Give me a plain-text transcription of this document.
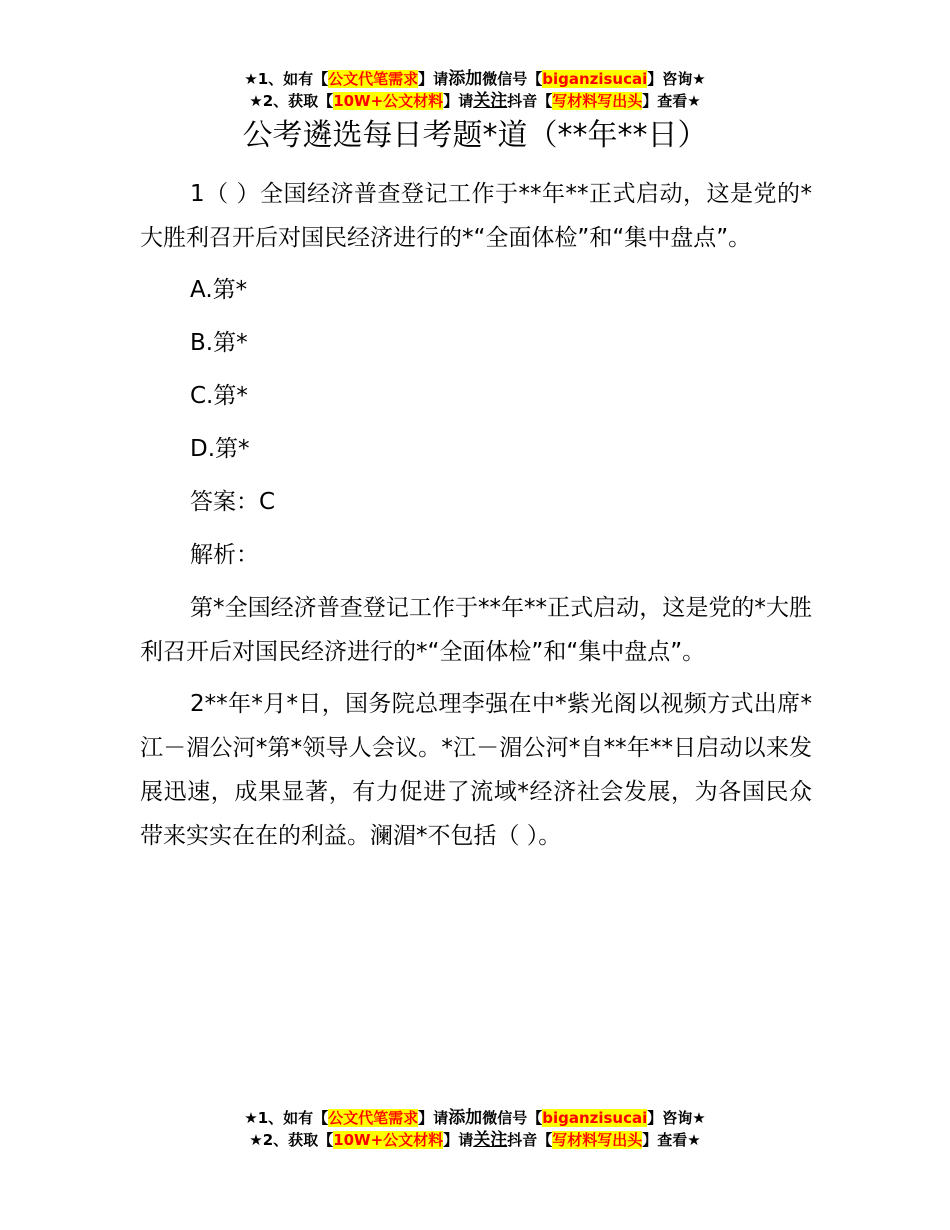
★1、如有【公文代笔需求】请添加微信号【biganzisucai】咨询★
★2、获取【10W+公文材料】请关注抖音【写材料写出头】查看★
公考遴选每日考题*道（**年**日）

1（ ）全国经济普查登记工作于**年**正式启动，这是党的*大胜利召开后对国民经济进行的*“全面体检”和“集中盘点”。

A.第*
B.第*
C.第*
D.第*
答案：C
解析：

第*全国经济普查登记工作于**年**正式启动，这是党的*大胜利召开后对国民经济进行的*“全面体检”和“集中盘点”。

2**年*月*日，国务院总理李强在中*紫光阁以视频方式出席*江－湄公河*第*领导人会议。*江－湄公河*自**年**日启动以来发展迅速，成果显著，有力促进了流域*经济社会发展，为各国民众带来实实在在的利益。澜湄*不包括（ ）。

★1、如有【公文代笔需求】请添加微信号【biganzisucai】咨询★
★2、获取【10W+公文材料】请关注抖音【写材料写出头】查看★
